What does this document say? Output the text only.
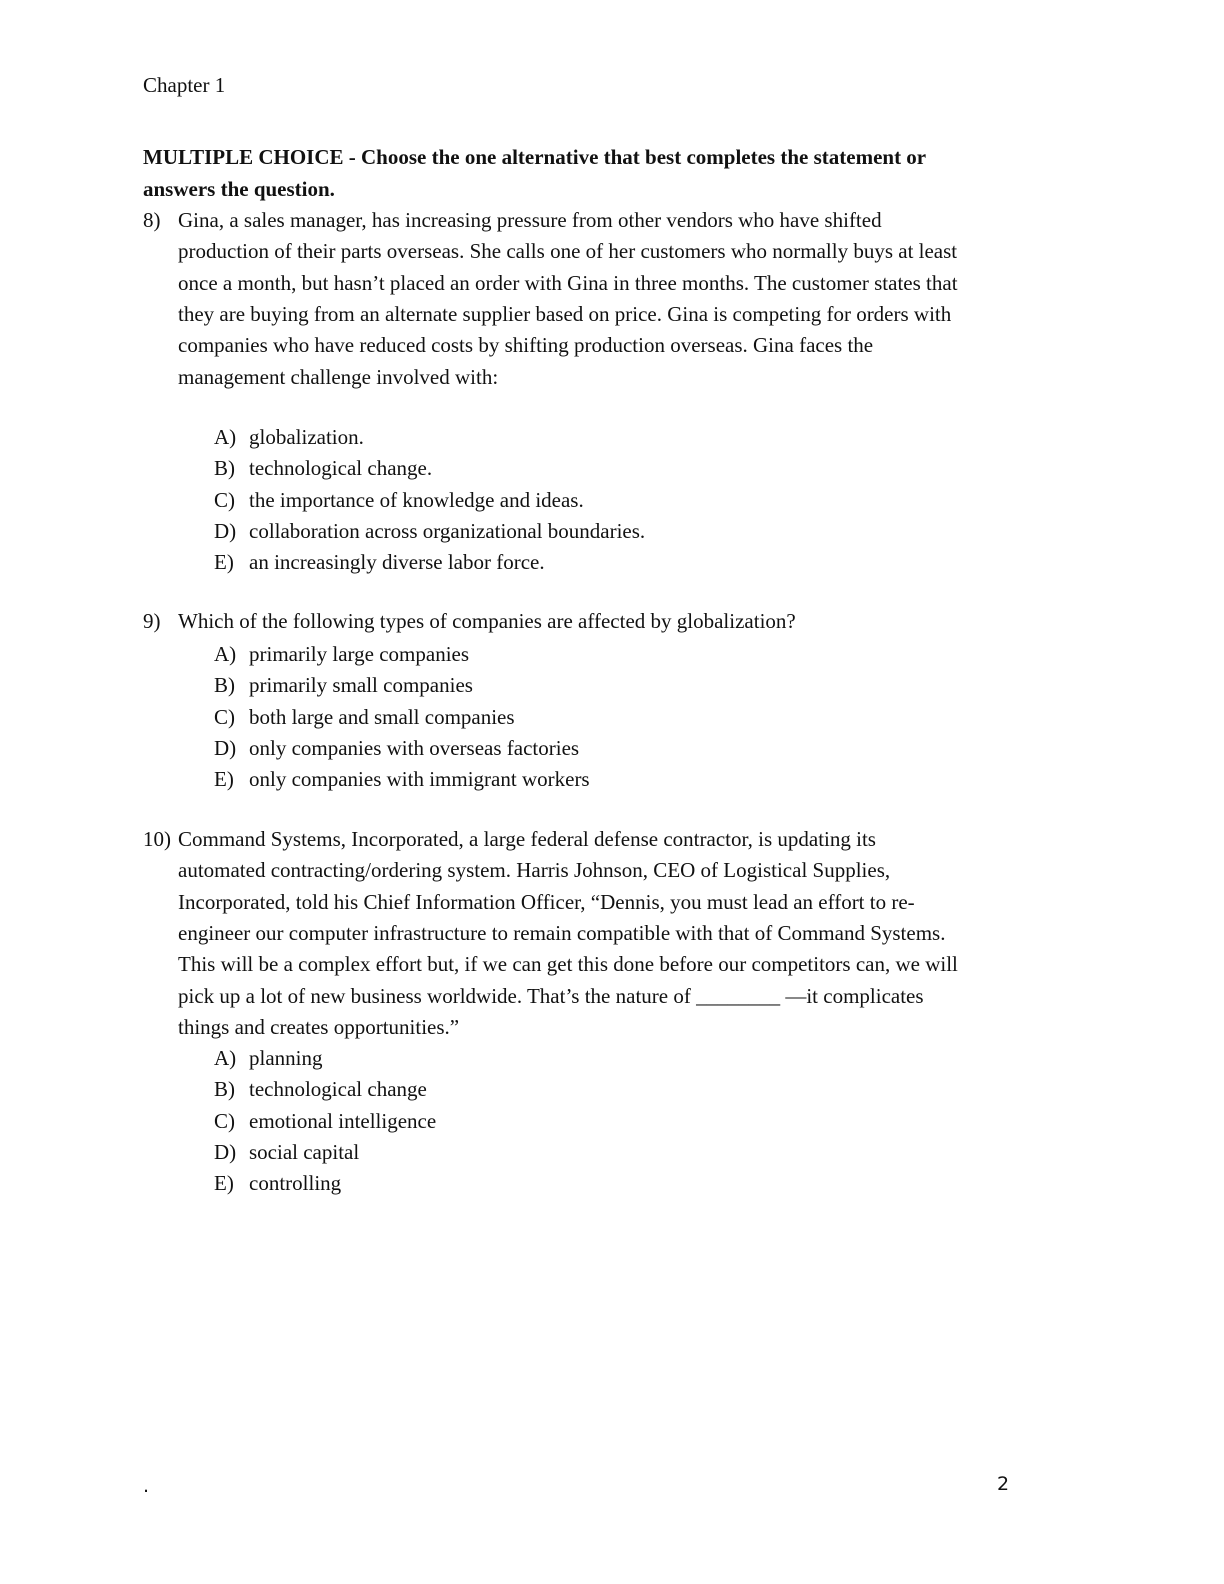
Chapter 1
MULTIPLE CHOICE - Choose the one alternative that best completes the statement or
answers the question.
8) Gina, a sales manager, has increasing pressure from other vendors who have shifted
production of their parts overseas. She calls one of her customers who normally buys at least
once a month, but hasn’t placed an order with Gina in three months. The customer states that
they are buying from an alternate supplier based on price. Gina is competing for orders with
companies who have reduced costs by shifting production overseas. Gina faces the
management challenge involved with:
A) globalization.
B) technological change.
C) the importance of knowledge and ideas.
D) collaboration across organizational boundaries.
E) an increasingly diverse labor force.
9) Which of the following types of companies are affected by globalization?
A) primarily large companies
B) primarily small companies
C) both large and small companies
D) only companies with overseas factories
E) only companies with immigrant workers
10) Command Systems, Incorporated, a large federal defense contractor, is updating its
automated contracting/ordering system. Harris Johnson, CEO of Logistical Supplies,
Incorporated, told his Chief Information Officer, “Dennis, you must lead an effort to re-
engineer our computer infrastructure to remain compatible with that of Command Systems.
This will be a complex effort but, if we can get this done before our competitors can, we will
pick up a lot of new business worldwide. That’s the nature of ________ —it complicates
things and creates opportunities.”
A) planning
B) technological change
C) emotional intelligence
D) social capital
E) controlling
.	2
